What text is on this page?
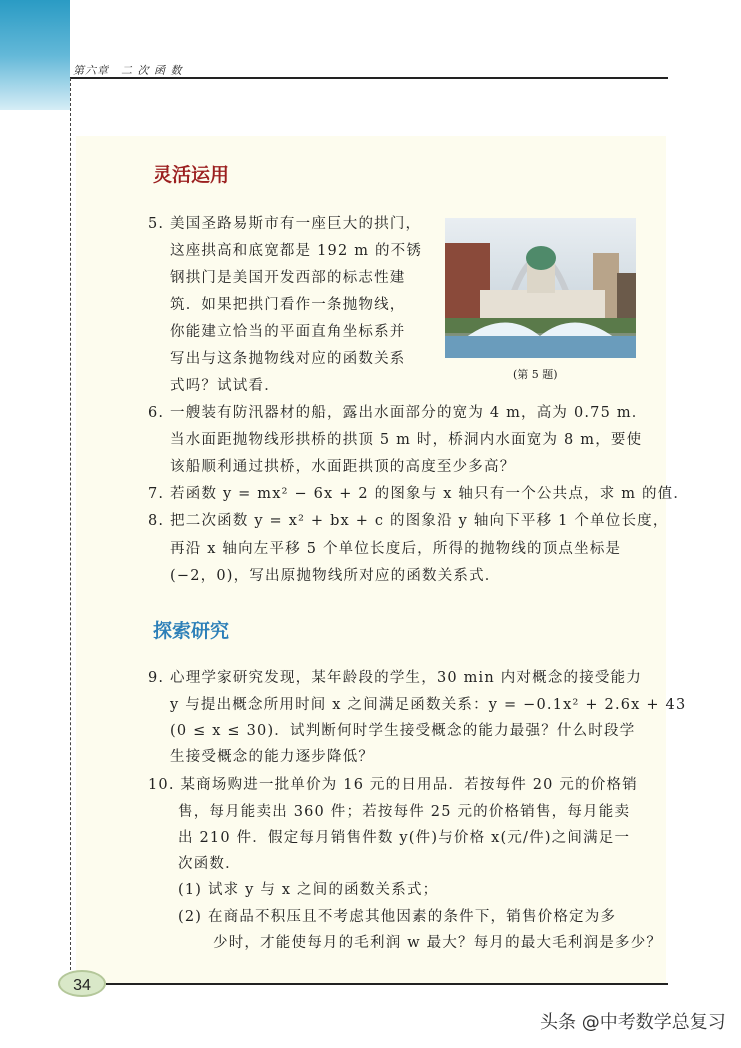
第六章　二 次 函 数
灵活运用
5. 美国圣路易斯市有一座巨大的拱门，
这座拱高和底宽都是 192 m 的不锈
钢拱门是美国开发西部的标志性建
筑．如果把拱门看作一条抛物线，
你能建立恰当的平面直角坐标系并
写出与这条抛物线对应的函数关系
式吗？试试看．
(第 5 题)
6. 一艘装有防汛器材的船，露出水面部分的宽为 4 m，高为 0.75 m．
当水面距抛物线形拱桥的拱顶 5 m 时，桥洞内水面宽为 8 m，要使
该船顺利通过拱桥，水面距拱顶的高度至少多高？
7. 若函数 y = mx² − 6x + 2 的图象与 x 轴只有一个公共点，求 m 的值．
8. 把二次函数 y = x² + bx + c 的图象沿 y 轴向下平移 1 个单位长度，
再沿 x 轴向左平移 5 个单位长度后，所得的抛物线的顶点坐标是
(−2，0)，写出原抛物线所对应的函数关系式．
探索研究
9. 心理学家研究发现，某年龄段的学生，30 min 内对概念的接受能力
y 与提出概念所用时间 x 之间满足函数关系：y = −0.1x² + 2.6x + 43
(0 ≤ x ≤ 30)．试判断何时学生接受概念的能力最强？什么时段学
生接受概念的能力逐步降低？
10. 某商场购进一批单价为 16 元的日用品．若按每件 20 元的价格销
售，每月能卖出 360 件；若按每件 25 元的价格销售，每月能卖
出 210 件．假定每月销售件数 y(件)与价格 x(元/件)之间满足一
次函数．
(1) 试求 y 与 x 之间的函数关系式；
(2) 在商品不积压且不考虑其他因素的条件下，销售价格定为多
少时，才能使每月的毛利润 w 最大？每月的最大毛利润是多少？
34
头条 @中考数学总复习
